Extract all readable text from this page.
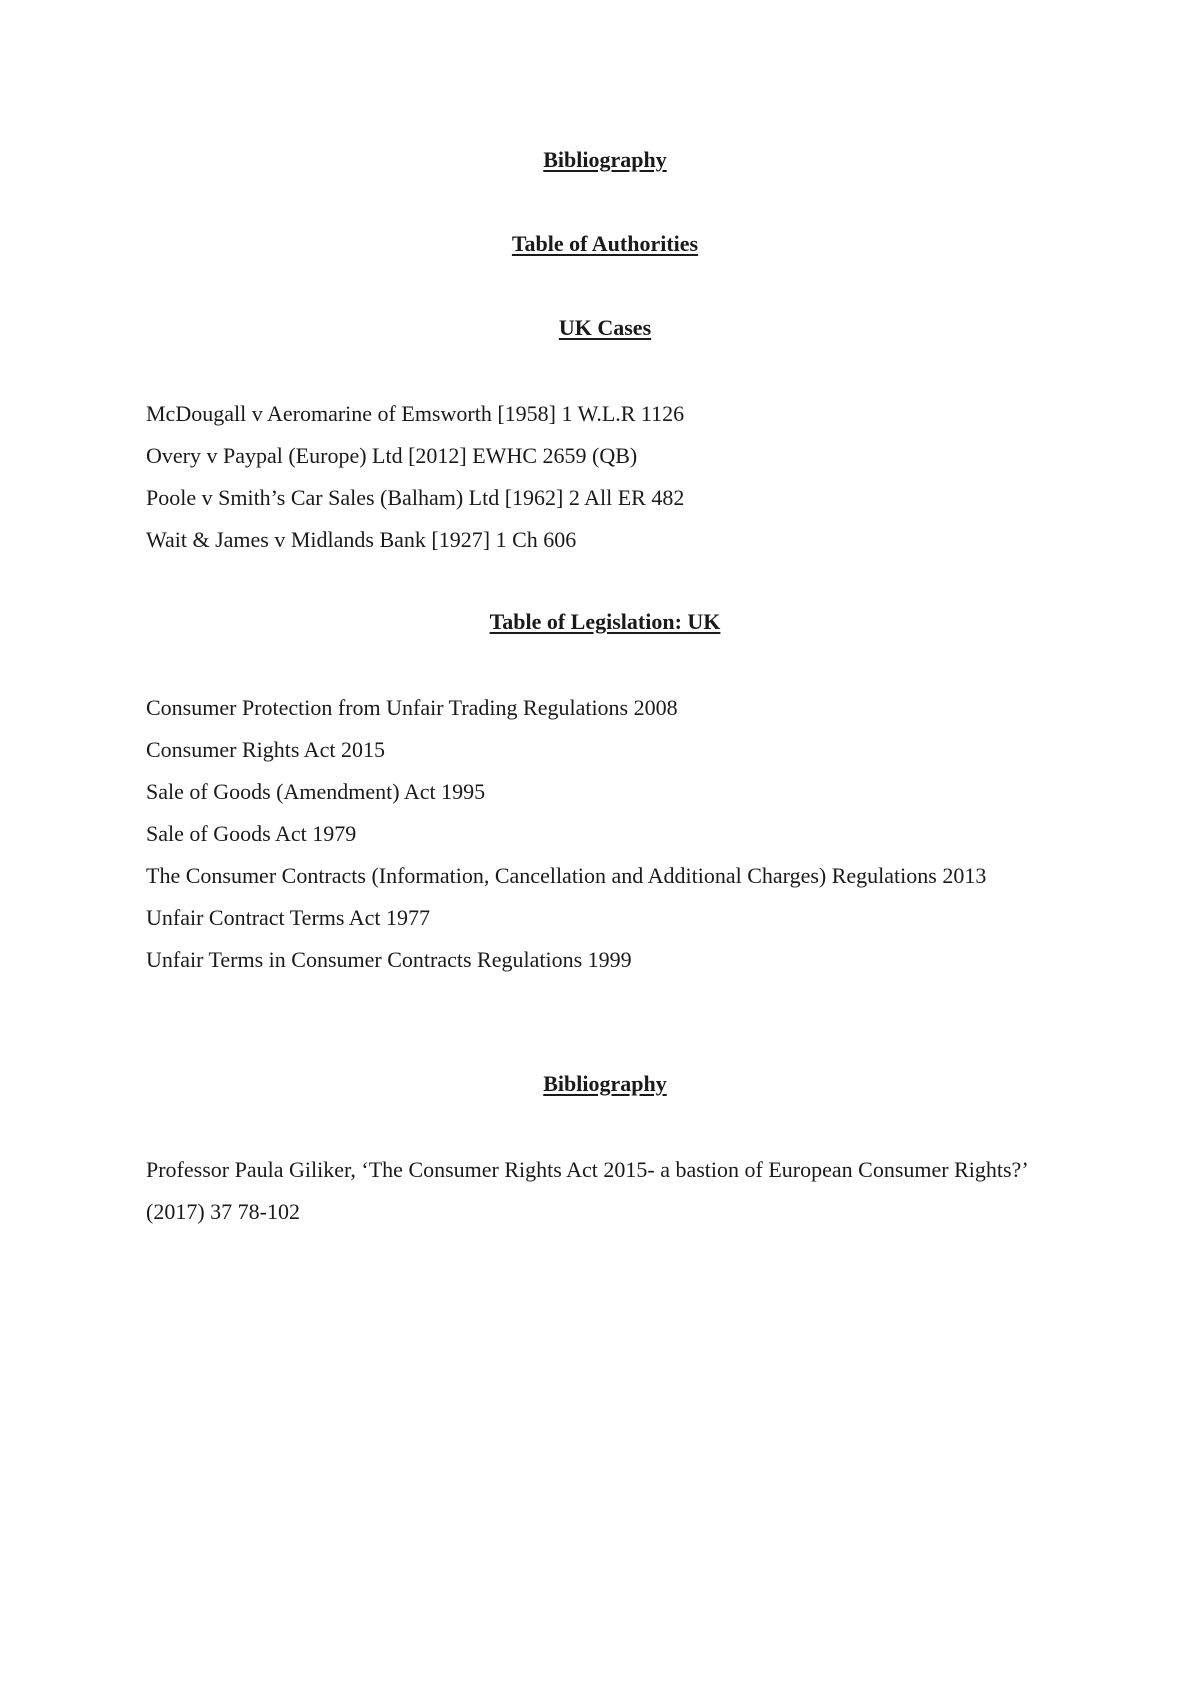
Bibliography
Table of Authorities
UK Cases
McDougall v Aeromarine of Emsworth [1958] 1 W.L.R 1126
Overy v Paypal (Europe) Ltd [2012] EWHC 2659 (QB)
Poole v Smith’s Car Sales (Balham) Ltd [1962] 2 All ER 482
Wait & James v Midlands Bank [1927] 1 Ch 606
Table of Legislation: UK
Consumer Protection from Unfair Trading Regulations 2008
Consumer Rights Act 2015
Sale of Goods (Amendment) Act 1995
Sale of Goods Act 1979
The Consumer Contracts (Information, Cancellation and Additional Charges) Regulations 2013
Unfair Contract Terms Act 1977
Unfair Terms in Consumer Contracts Regulations 1999
Bibliography
Professor Paula Giliker, ‘The Consumer Rights Act 2015- a bastion of European Consumer Rights?’ (2017) 37 78-102
